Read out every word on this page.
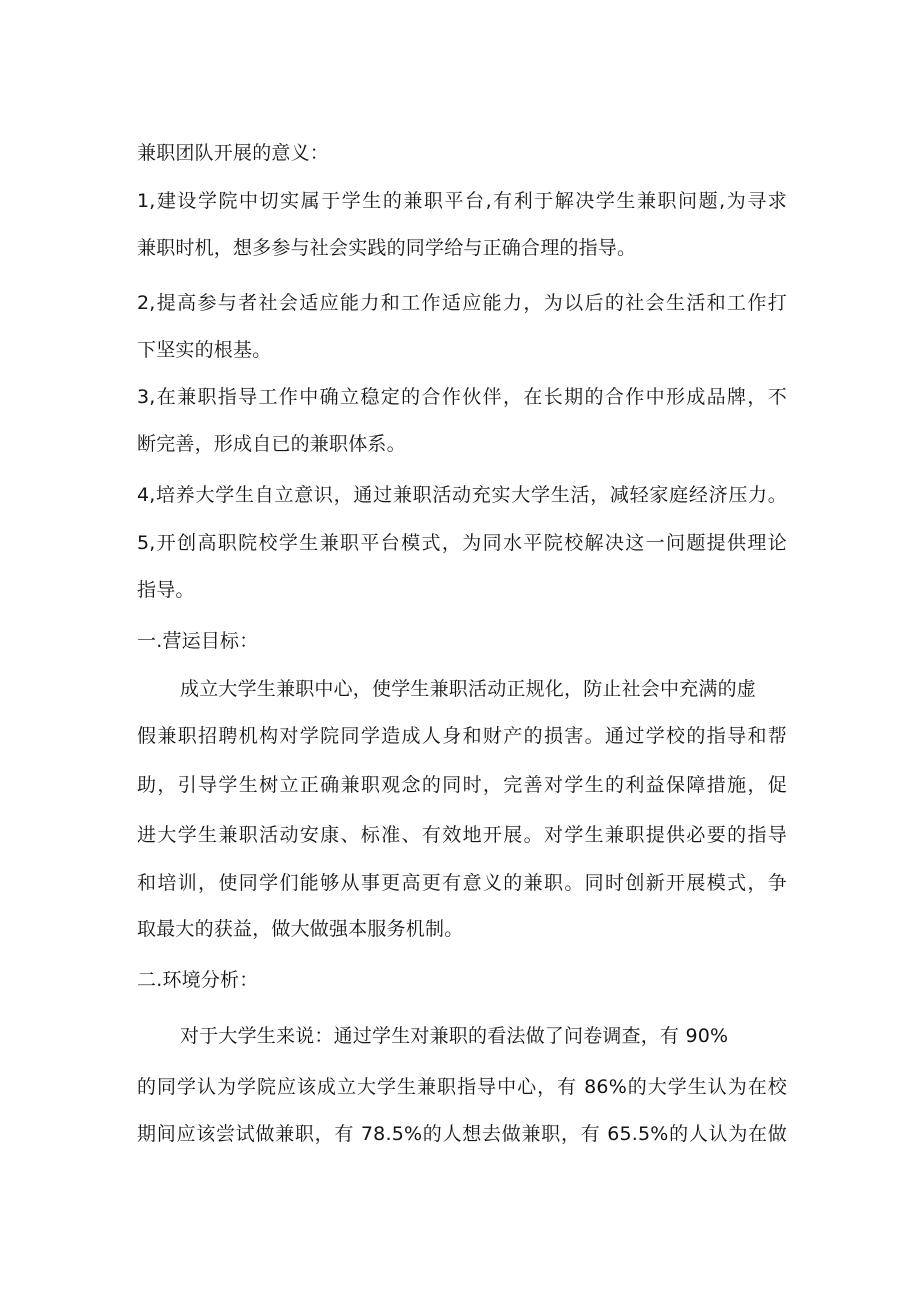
兼职团队开展的意义：
1,建设学院中切实属于学生的兼职平台,有利于解决学生兼职问题,为寻求
兼职时机，想多参与社会实践的同学给与正确合理的指导。
2,提高参与者社会适应能力和工作适应能力，为以后的社会生活和工作打
下坚实的根基。
3,在兼职指导工作中确立稳定的合作伙伴，在长期的合作中形成品牌，不
断完善，形成自已的兼职体系。
4,培养大学生自立意识，通过兼职活动充实大学生活，减轻家庭经济压力。
5,开创高职院校学生兼职平台模式，为同水平院校解决这一问题提供理论
指导。
一.营运目标：
成立大学生兼职中心，使学生兼职活动正规化，防止社会中充满的虚
假兼职招聘机构对学院同学造成人身和财产的损害。通过学校的指导和帮
助，引导学生树立正确兼职观念的同时，完善对学生的利益保障措施，促
进大学生兼职活动安康、标准、有效地开展。对学生兼职提供必要的指导
和培训，使同学们能够从事更高更有意义的兼职。同时创新开展模式，争
取最大的获益，做大做强本服务机制。
二.环境分析：
对于大学生来说：通过学生对兼职的看法做了问卷调查，有 90%
的同学认为学院应该成立大学生兼职指导中心，有 86%的大学生认为在校
期间应该尝试做兼职，有 78.5%的人想去做兼职，有 65.5%的人认为在做
